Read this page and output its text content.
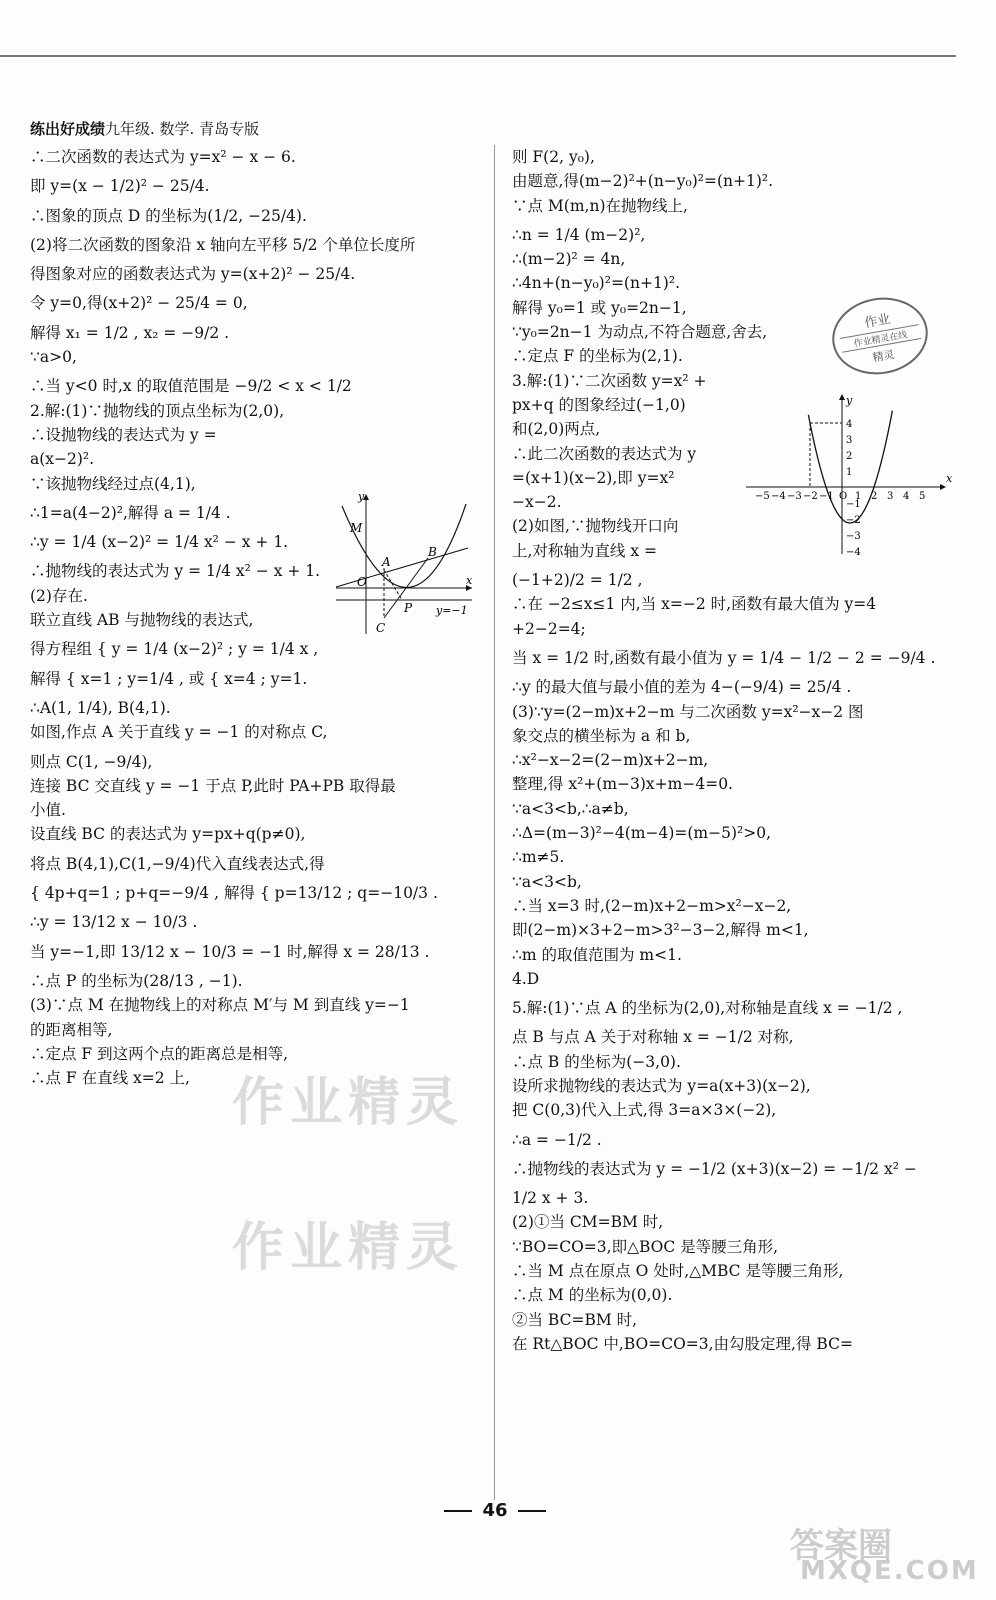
练出好成绩九年级. 数学. 青岛专版
∴二次函数的表达式为 y=x² − x − 6.
即 y=(x − 1/2)² − 25/4.
∴图象的顶点 D 的坐标为(1/2, −25/4).
(2)将二次函数的图象沿 x 轴向左平移 5/2 个单位长度所
得图象对应的函数表达式为 y=(x+2)² − 25/4.
令 y=0,得(x+2)² − 25/4 = 0,
解得 x₁ = 1/2 , x₂ = −9/2 .
∵a>0,
∴当 y<0 时,x 的取值范围是 −9/2 < x < 1/2
2.解:(1)∵抛物线的顶点坐标为(2,0),
∴设抛物线的表达式为 y =
a(x−2)².
∵该抛物线经过点(4,1),
∴1=a(4−2)²,解得 a = 1/4 .
∴y = 1/4 (x−2)² = 1/4 x² − x + 1.
∴抛物线的表达式为 y = 1/4 x² − x + 1.
(2)存在.
联立直线 AB 与抛物线的表达式,
得方程组 { y = 1/4 (x−2)² ; y = 1/4 x ,
解得 { x=1 ; y=1/4 , 或 { x=4 ; y=1.
∴A(1, 1/4), B(4,1).
如图,作点 A 关于直线 y = −1 的对称点 C,
则点 C(1, −9/4),
连接 BC 交直线 y = −1 于点 P,此时 PA+PB 取得最
小值.
设直线 BC 的表达式为 y=px+q(p≠0),
将点 B(4,1),C(1,−9/4)代入直线表达式,得
{ 4p+q=1 ; p+q=−9/4 , 解得 { p=13/12 ; q=−10/3 .
∴y = 13/12 x − 10/3 .
当 y=−1,即 13/12 x − 10/3 = −1 时,解得 x = 28/13 .
∴点 P 的坐标为(28/13 , −1).
(3)∵点 M 在抛物线上的对称点 M′与 M 到直线 y=−1
的距离相等,
∴定点 F 到这两个点的距离总是相等,
∴点 F 在直线 x=2 上,
则 F(2, y₀),
由题意,得(m−2)²+(n−y₀)²=(n+1)².
∵点 M(m,n)在抛物线上,
∴n = 1/4 (m−2)²,
∴(m−2)² = 4n,
∴4n+(n−y₀)²=(n+1)².
解得 y₀=1 或 y₀=2n−1,
∵y₀=2n−1 为动点,不符合题意,舍去,
∴定点 F 的坐标为(2,1).
3.解:(1)∵二次函数 y=x² +
px+q 的图象经过(−1,0)
和(2,0)两点,
∴此二次函数的表达式为 y
=(x+1)(x−2),即 y=x²
−x−2.
(2)如图,∵抛物线开口向
上,对称轴为直线 x =
(−1+2)/2 = 1/2 ,
∴在 −2≤x≤1 内,当 x=−2 时,函数有最大值为 y=4
+2−2=4;
当 x = 1/2 时,函数有最小值为 y = 1/4 − 1/2 − 2 = −9/4 .
∴y 的最大值与最小值的差为 4−(−9/4) = 25/4 .
(3)∵y=(2−m)x+2−m 与二次函数 y=x²−x−2 图
象交点的横坐标为 a 和 b,
∴x²−x−2=(2−m)x+2−m,
整理,得 x²+(m−3)x+m−4=0.
∵a<3<b,∴a≠b,
∴Δ=(m−3)²−4(m−4)=(m−5)²>0,
∴m≠5.
∵a<3<b,
∴当 x=3 时,(2−m)x+2−m>x²−x−2,
即(2−m)×3+2−m>3²−3−2,解得 m<1,
∴m 的取值范围为 m<1.
4.D
5.解:(1)∵点 A 的坐标为(2,0),对称轴是直线 x = −1/2 ,
点 B 与点 A 关于对称轴 x = −1/2 对称,
∴点 B 的坐标为(−3,0).
设所求抛物线的表达式为 y=a(x+3)(x−2),
把 C(0,3)代入上式,得 3=a×3×(−2),
∴a = −1/2 .
∴抛物线的表达式为 y = −1/2 (x+3)(x−2) = −1/2 x² −
1/2 x + 3.
(2)①当 CM=BM 时,
∵BO=CO=3,即△BOC 是等腰三角形,
∴当 M 点在原点 O 处时,△MBC 是等腰三角形,
∴点 M 的坐标为(0,0).
②当 BC=BM 时,
在 Rt△BOC 中,BO=CO=3,由勾股定理,得 BC=
M
A
B
O
P
C
x
y
y=−1
−5 −4 −3 −2 −1 O 1 2 3 4 5
4
3
2
1
−1
−2
−3
−4
x
y
作业
作业精灵在线
精灵
作业精灵
作业精灵
46
答案圈
MXQE.COM
